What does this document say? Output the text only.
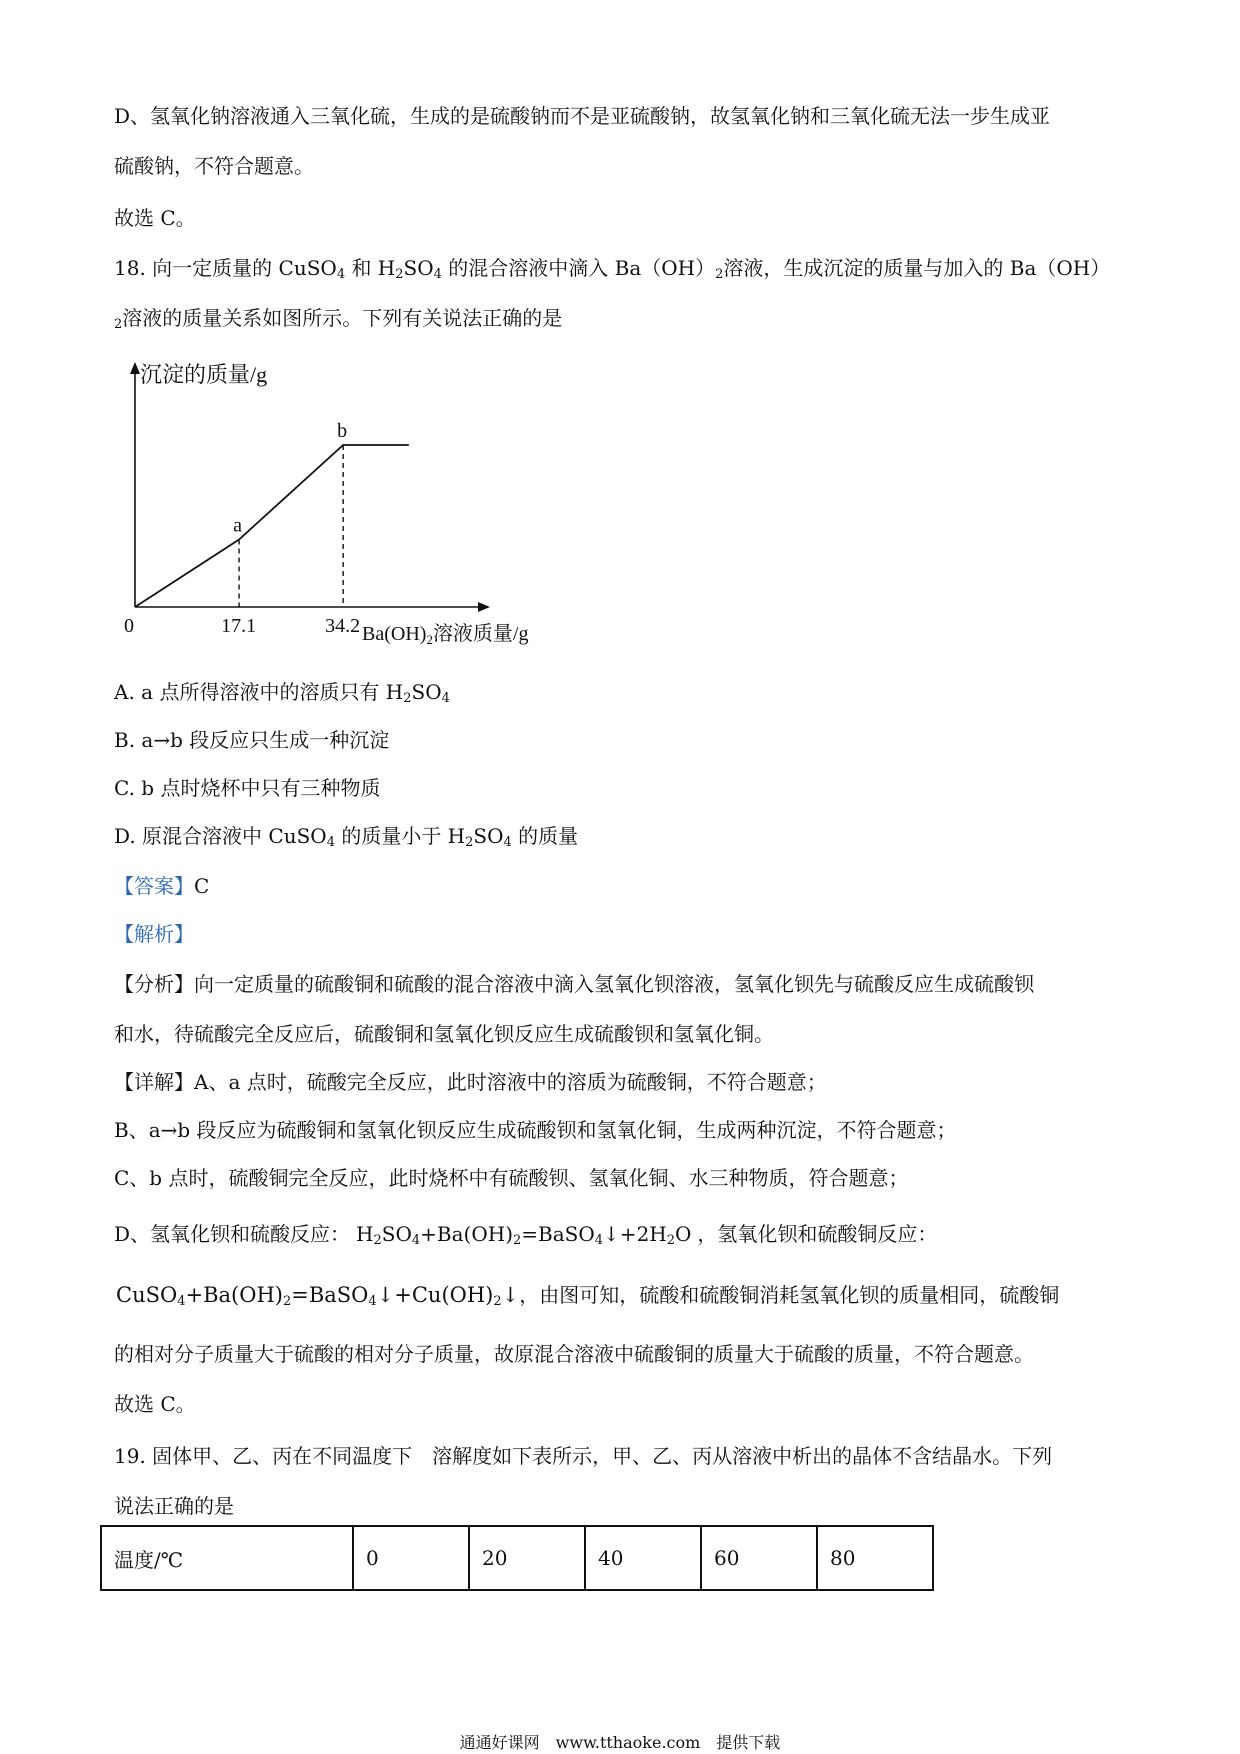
D、氢氧化钠溶液通入三氧化硫，生成的是硫酸钠而不是亚硫酸钠，故氢氧化钠和三氧化硫无法一步生成亚
硫酸钠，不符合题意。
故选 C。
18. 向一定质量的 CuSO$_4$ 和 $H_2SO_4$ 的混合溶液中滴入 $Ba(OH)_2$溶液，生成沉淀的质量与加入的 Ba（OH）
$_2$溶液的质量关系如图所示。下列有关说法正确的是
沉淀的质量/g
$Ba(OH)_2$溶液质量/g
0
a
b
17.1	34.2
A. a 点所得溶液中的溶质只有 $H_2SO_4$
B. a→b 段反应只生成一种沉淀
C. b 点时烧杯中只有三种物质
D. 原混合溶液中 CuSO$_4$ 的质量小于 $H_2SO_4$ 的质量
【答案】C
【解析】
【分析】向一定质量的硫酸铜和硫酸的混合溶液中滴入氢氧化钡溶液，氢氧化钡先与硫酸反应生成硫酸钡
和水，待硫酸完全反应后，硫酸铜和氢氧化钡反应生成硫酸钡和氢氧化铜。
【详解】A、a 点时，硫酸完全反应，此时溶液中的溶质为硫酸铜，不符合题意；
B、a→b 段反应为硫酸铜和氢氧化钡反应生成硫酸钡和氢氧化铜，生成两种沉淀，不符合题意；
C、b 点时，硫酸铜完全反应，此时烧杯中有硫酸钡、氢氧化铜、水三种物质，符合题意；
D、氢氧化钡和硫酸反应： $H_2SO_4+Ba(OH)_2=BaSO_4↓+2H_2O$ ，氢氧化钡和硫酸铜反应：
$CuSO_4+Ba(OH)_2=BaSO_4↓+Cu(OH)_2↓$，由图可知，硫酸和硫酸铜消耗氢氧化钡的质量相同，硫酸铜
的相对分子质量大于硫酸的相对分子质量，故原混合溶液中硫酸铜的质量大于硫酸的质量，不符合题意。
故选 C。
19. 固体甲、乙、丙在不同温度下　溶解度如下表所示，甲、乙、丙从溶液中析出的晶体不含结晶水。下列
说法正确的是
温度/℃	0	20	40	60	80
通通好课网　www.tthaoke.com　提供下载
